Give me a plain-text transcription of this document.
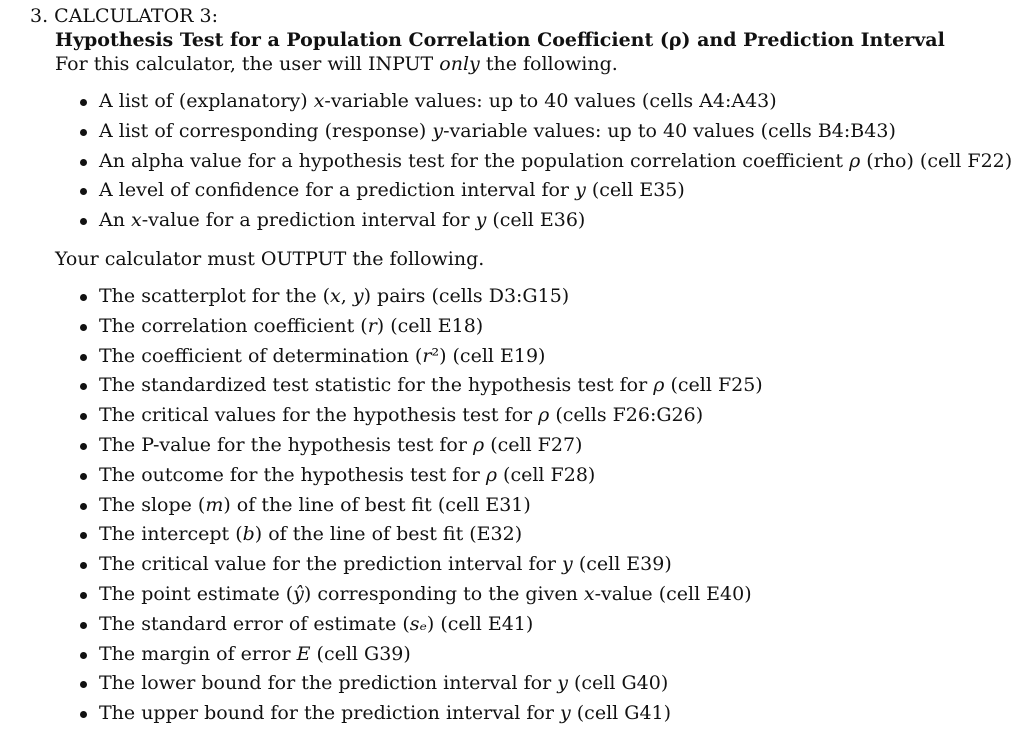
3. CALCULATOR 3:
Hypothesis Test for a Population Correlation Coefficient (ρ) and Prediction Interval
For this calculator, the user will INPUT only the following.
A list of (explanatory) x-variable values: up to 40 values (cells A4:A43)
A list of corresponding (response) y-variable values: up to 40 values (cells B4:B43)
An alpha value for a hypothesis test for the population correlation coefficient ρ (rho) (cell F22)
A level of confidence for a prediction interval for y (cell E35)
An x-value for a prediction interval for y (cell E36)
Your calculator must OUTPUT the following.
The scatterplot for the (x, y) pairs (cells D3:G15)
The correlation coefficient (r) (cell E18)
The coefficient of determination (r²) (cell E19)
The standardized test statistic for the hypothesis test for ρ (cell F25)
The critical values for the hypothesis test for ρ (cells F26:G26)
The P-value for the hypothesis test for ρ (cell F27)
The outcome for the hypothesis test for ρ (cell F28)
The slope (m) of the line of best fit (cell E31)
The intercept (b) of the line of best fit (E32)
The critical value for the prediction interval for y (cell E39)
The point estimate (ŷ) corresponding to the given x-value (cell E40)
The standard error of estimate (sₑ) (cell E41)
The margin of error E (cell G39)
The lower bound for the prediction interval for y (cell G40)
The upper bound for the prediction interval for y (cell G41)
